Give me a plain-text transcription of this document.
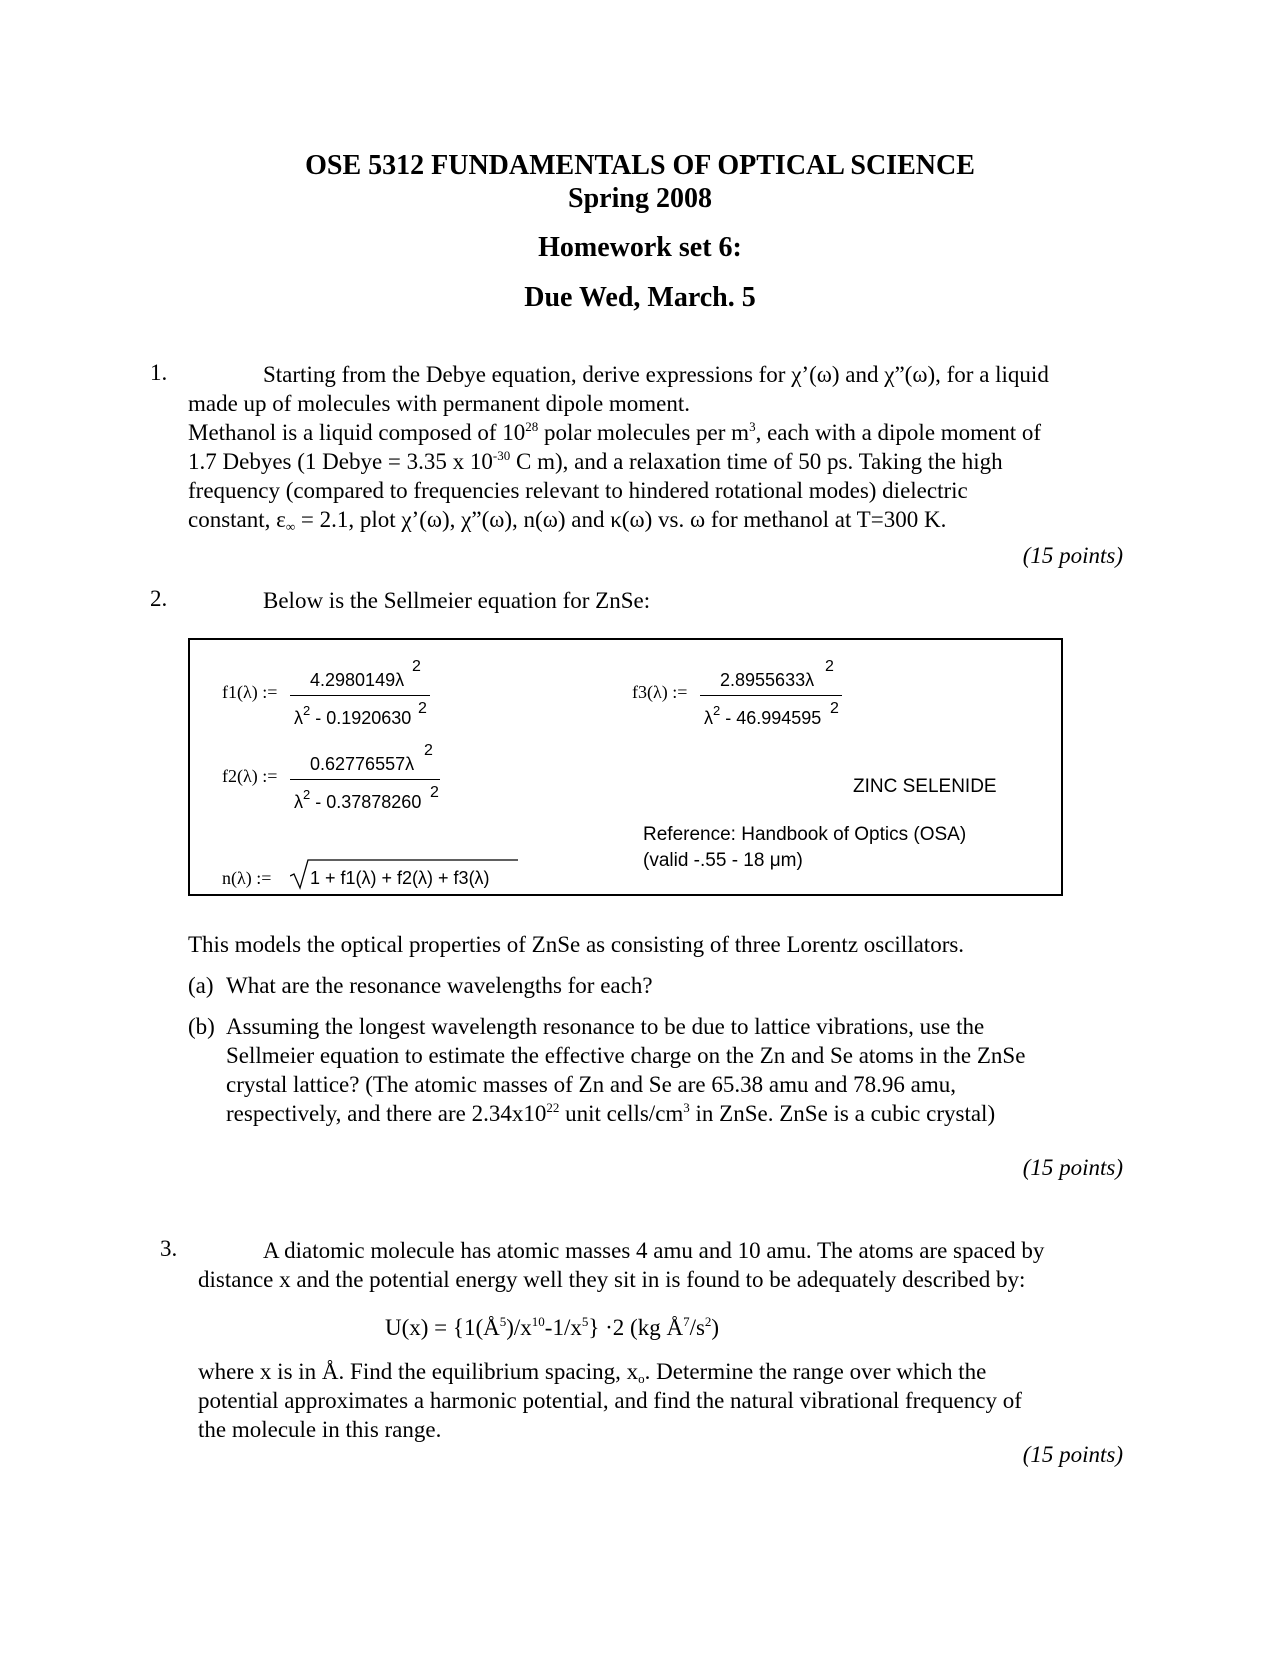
OSE 5312 FUNDAMENTALS OF OPTICAL SCIENCE
Spring 2008
Homework set 6:
Due Wed, March. 5
1.	Starting from the Debye equation, derive expressions for χ’(ω) and χ”(ω), for a liquid

made up of molecules with permanent dipole moment.

Methanol is a liquid composed of $10^{28}$ polar molecules per $m^3$, each with a dipole moment of

1.7 Debyes (1 Debye = 3.35 x $10^{-30}$ C m), and a relaxation time of 50 ps. Taking the high

frequency (compared to frequencies relevant to hindered rotational modes) dielectric

constant, $\varepsilon_\infty = 2.1$, plot χ’(ω), χ”(ω), n(ω) and κ(ω) vs. ω for methanol at T=300 K.

(15 points)
2.	Below is the Sellmeier equation for ZnSe:
f1(λ) :=
4.2980149λ
2
$\lambda^2 - 0.1920630$ 2
f2(λ) :=
0.62776557λ
2
$\lambda^2 - 0.37878260$ 2
n(λ) := 1 + f1(λ) + f2(λ) + f3(λ)
f3(λ) :=
2.8955633λ
2
$\lambda^2 - 46.994595$ 2
ZINC SELENIDE
Reference: Handbook of Optics (OSA)
(valid -.55 - 18 μm)
This models the optical properties of ZnSe as consisting of three Lorentz oscillators.
(a) What are the resonance wavelengths for each?
(b) Assuming the longest wavelength resonance to be due to lattice vibrations, use the

Sellmeier equation to estimate the effective charge on the Zn and Se atoms in the ZnSe

crystal lattice? (The atomic masses of Zn and Se are 65.38 amu and 78.96 amu,

respectively, and there are $2.34x10^{22}$ unit cells/$cm^3$ in ZnSe. ZnSe is a cubic crystal)

(15 points)
3.	A diatomic molecule has atomic masses 4 amu and 10 amu. The atoms are spaced by

distance x and the potential energy well they sit in is found to be adequately described by:

$U(x) = \{1(Å^5)/x^{10}-1/x^5\} \cdot 2$ (kg $Å^7/s^2$)

where x is in Å. Find the equilibrium spacing, $x_o$. Determine the range over which the

potential approximates a harmonic potential, and find the natural vibrational frequency of

the molecule in this range.

(15 points)
